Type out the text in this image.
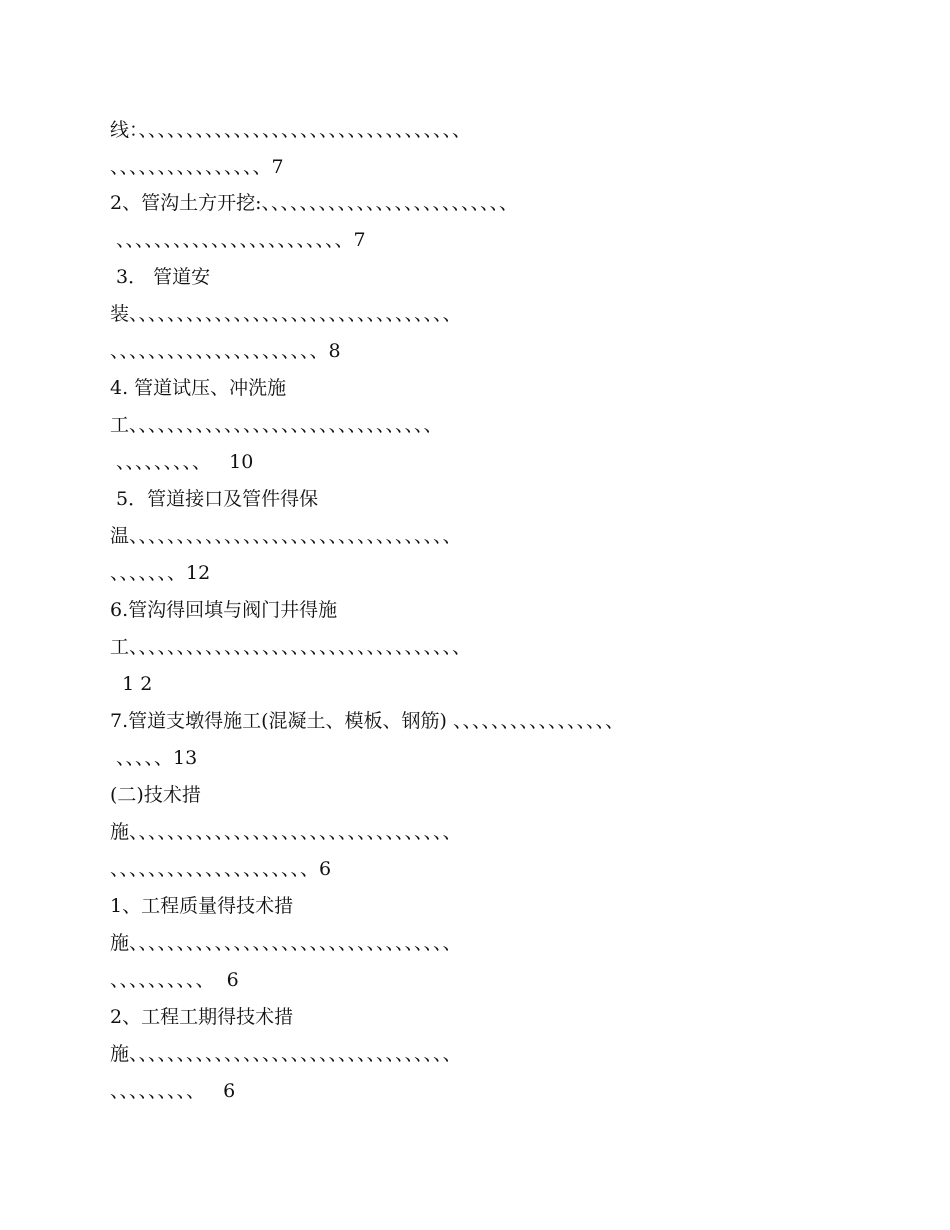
线：、、、、、、、、、、、、、、、、、、、、、、、、、、、、、、、、、、
、、、、、、、、、、、、、、、、7
2、管沟土方开挖:、、、、、、、、、、、、、、、、、、、、、、、、、、
、、、、、、、、、、、、、、、、、、、、、、、、7
3． 管道安
装、、、、、、、、、、、、、、、、、、、、、、、、、、、、、、、、、、
、、、、、、、、、、、、、、、、、、、、、、8
4. 管道试压、冲洗施
工、、、、、、、、、、、、、、、、、、、、、、、、、、、、、、、、
、、、、、、、、、   10
5．管道接口及管件得保
温、、、、、、、、、、、、、、、、、、、、、、、、、、、、、、、、、、
、、、、、、、12
6.管沟得回填与阀门井得施
工、、、、、、、、、、、、、、、、、、、、、、、、、、、、、、、、、、、
1 2
7.管道支墩得施工(混凝土、模板、钢筋) 、、、、、、、、、、、、、、、、、
、、、、、13
(二)技术措
施、、、、、、、、、、、、、、、、、、、、、、、、、、、、、、、、、、
、、、、、、、、、、、、、、、、、、、、、6
1、工程质量得技术措
施、、、、、、、、、、、、、、、、、、、、、、、、、、、、、、、、、、
、、、、、、、、、、  6
2、工程工期得技术措
施、、、、、、、、、、、、、、、、、、、、、、、、、、、、、、、、、、
、、、、、、、、、   6
